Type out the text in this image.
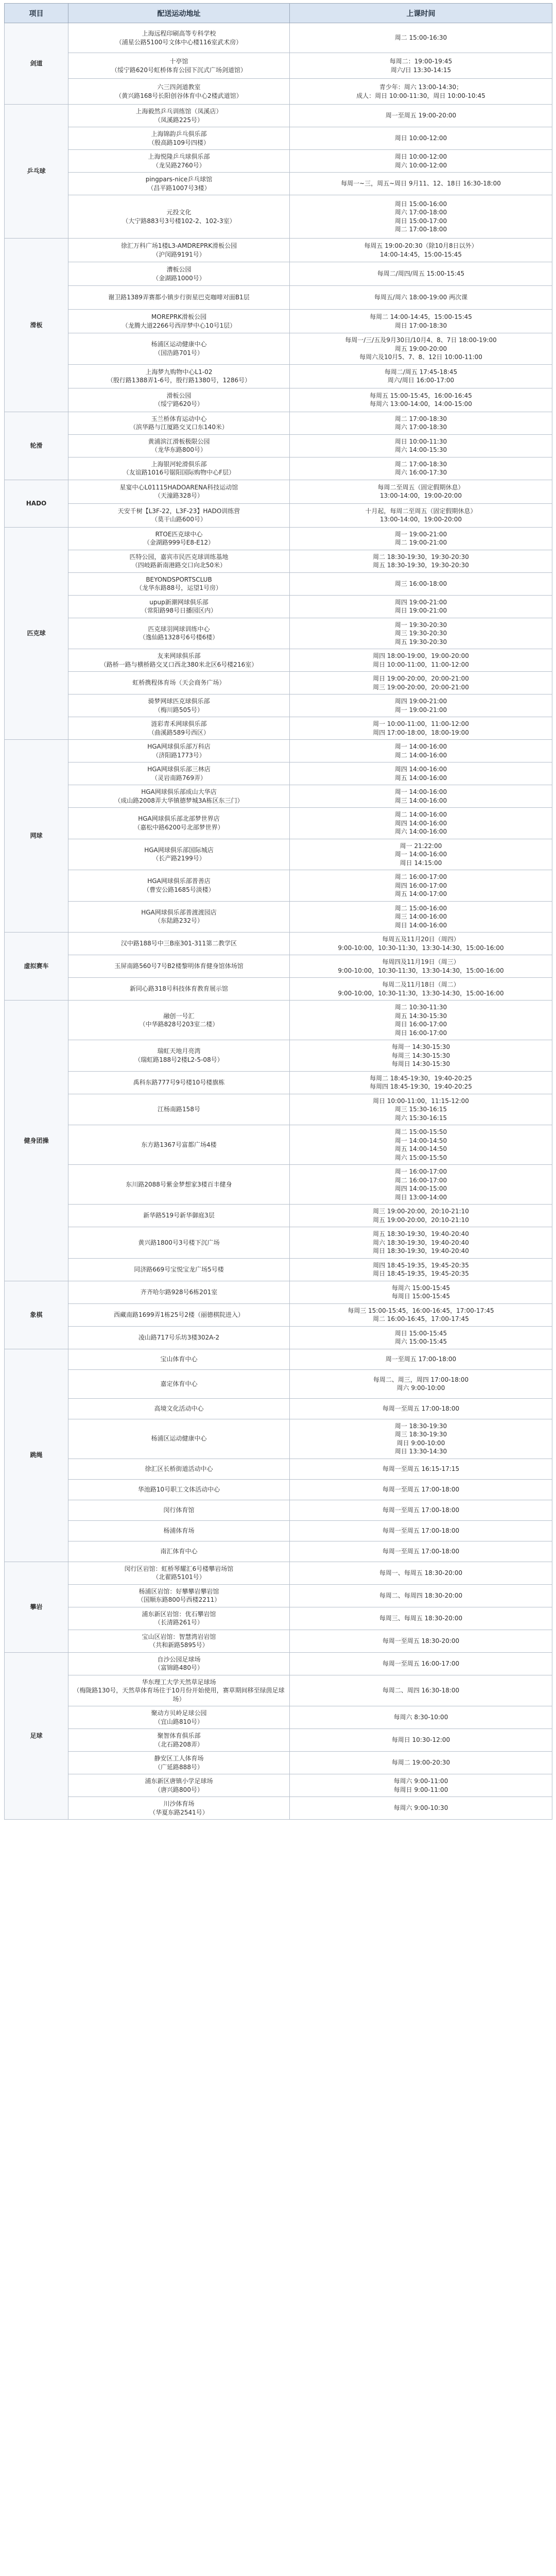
项目	配送运动地址	上课时间
剑道	上海远程印刷高等专科学校
（浦星公路5100号文体中心楼116室武术房）	周二 15:00-16:30
	十亭馆
（绥宁路620号虹桥体育公园下沉式广场剑道馆）	每周二：19:00-19:45
周六/日 13:30-14:15
	六三四剑道教室
（黄兴路168号长阳创谷体育中心2楼武道馆）	青少年：周六 13:00-14:30；
成人：周日 10:00-11:30，周日 10:00-10:45
乒乓球	上海毅然乒乓训练馆（凤溪店）
（凤溪路225号）	周一至周五 19:00-20:00
	上海锦韵乒乓俱乐部
（殷高路109号四楼）	周日 10:00-12:00
	上海悦隆乒乓球俱乐部
（龙吴路2760号）	周日 10:00-12:00
周六 10:00-12:00
	pingpars-nice乒乓球馆
（昌平路1007号3楼）	每周一~三，周五~周日 9月11、12、18日 16:30-18:00
	元投文化
（大宁路883号3号楼102-2、102-3室）	周日 15:00-16:00
周六 17:00-18:00
周日 15:00-17:00
周二 17:00-18:00
滑板	徐汇万科广场1楼L3-AMDREPRK滑板公园
（沪闵路9191号）	每周五 19:00-20:30（除10月8日以外）
14:00-14:45，15:00-15:45
	漕板公园
（金湖路1000号）	每周二/周四/周五 15:00-15:45
	谢卫路1389弄赛都小镇步行街星巴克咖啡对面B1层	每周五/周六 18:00-19:00 两次课
	MOREPRK滑板公园
（龙腾大道2266号西岸梦中心10号1层）	每周二 14:00-14:45，15:00-15:45
周日 17:00-18:30
	杨浦区运动健康中心
（国浩路701号）	每周一/三/五及9月30日/10月4、8、7日 18:00-19:00
周五 19:00-20:00
每周六及10月5、7、8、12日 10:00-11:00
	上海梦九购物中心L1-02
（殷行路1388弄1-6号，殷行路1380号，1286号）	每周二/周五 17:45-18:45
周六/周日 16:00-17:00
	滑板公园
（绥宁路620号）	每周五 15:00-15:45，16:00-16:45
每周六 13:00-14:00，14:00-15:00
轮滑	玉兰桥体育运动中心
（滨华路与江厦路交叉口东140米）	周二 17:00-18:30
周六 17:00-18:30
	黄浦滨江滑板极限公园
（龙华东路800号）	周日 10:00-11:30
周六 14:00-15:30
	上海银河轮滑俱乐部
（友谊路1016号锯阳国际购物中心F层）	周二 17:00-18:30
周六 16:00-17:30
HADO	星宴中心L01115HADOARENA科技运动馆
（天潼路328号）	每周二至周五（固定假期休息）
13:00-14:00，19:00-20:00
	天安千树【L3F-22，L3F-23】HADO训练营
（莫干山路600号）	十月起，每周二至周五（固定假期休息）
13:00-14:00，19:00-20:00
匹克球	RTOE匹克球中心
（金湖路999号E8-E12）	周一 19:00-21:00
周二 19:00-21:00
	匹特公园，嘉宾市民匹克球训练基地
（四岐路新南港路交口向北50米）	周二 18:30-19:30，19:30-20:30
周五 18:30-19:30，19:30-20:30
	BEYONDSPORTSCLUB
（龙华东路88号，运望1号房）	周三 16:00-18:00
	upup新潮网球俱乐部
（常阳路98号日播园区内）	周四 19:00-21:00
周日 19:00-21:00
	匹克球羽网球训练中心
（逸仙路1328号6号楼6楼）	周一 19:30-20:30
周三 19:30-20:30
周五 19:30-20:30
	友来网球俱乐部
（路桥一路与横桥路交叉口西北380米北区6号楼216室）	周四 18:00-19:00，19:00-20:00
周日 10:00-11:00，11:00-12:00
	虹桥携程体育场（天会商务广场）	周日 19:00-20:00，20:00-21:00
周三 19:00-20:00，20:00-21:00
	骑梦网球匹克球俱乐部
（梅川路505号）	周四 19:00-21:00
周一 19:00-21:00
	涟彩青禾网球俱乐部
（曲溪路589号西区）	周一 10:00-11:00，11:00-12:00
周四 17:00-18:00，18:00-19:00
网球	HGA网球俱乐部万科店
（济阳路1773号）	周一 14:00-16:00
周二 14:00-16:00
	HGA网球俱乐部三林店
（灵岩南路769弄）	周四 14:00-16:00
周五 14:00-16:00
	HGA网球俱乐部成山大华店
（成山路2008弄大华镇德梦城3A栋区东三门）	周一 14:00-16:00
周三 14:00-16:00
	HGA网球俱乐部北部梦世界店
（嘉松中路6200号北部梦世界）	周二 14:00-16:00
周四 14:00-16:00
周六 14:00-16:00
	HGA网球俱乐部国际城店
（长产路2199号）	周一 21:22:00
周一 14:00-16:00
周日 14:15:00
	HGA网球俱乐部普善店
（曹安公路1685号淡楼）	周二 16:00-17:00
周四 16:00-17:00
周五 14:00-17:00
	HGA网球俱乐部普渡渡园店
（东陆路232号）	周二 15:00-16:00
周三 14:00-16:00
周日 14:00-16:00
虚拟赛车	汉中路188号中三B座301-311第二教学区	每周五及11月20日（周四）
9:00-10:00，10:30-11:30，13:30-14:30，15:00-16:00
	玉屏南路560号7号B2楼黎明体育健身馆体场馆	每周四及11月19日（周三）
9:00-10:00，10:30-11:30，13:30-14:30，15:00-16:00
	新同心路318号科技体育教育展示馆	每周二及11月18日（周二）
9:00-10:00，10:30-11:30，13:30-14:30，15:00-16:00
健身团操	融创一号汇
（中华路828号203室二楼）	周二 10:30-11:30
周五 14:30-15:30
周日 16:00-17:00
周日 16:00-17:00
	瑞虹天地月亮湾
（瑞虹路188号2楼L2-5-08号）	每周一 14:30-15:30
每周三 14:30-15:30
每周日 14:30-15:30
	禹科东路777号9号楼10号楼旗栋	每周二 18:45-19:30，19:40-20:25
每周四 18:45-19:30，19:40-20:25
	江杨南路158号	周日 10:00-11:00，11:15-12:00
周三 15:30-16:15
周六 15:30-16:15
	东方路1367号富都广场4楼	周二 15:00-15:50
周一 14:00-14:50
周五 14:00-14:50
周六 15:00-15:50
	东川路2088号紫金梦想家3楼百丰健身	周一 16:00-17:00
周二 16:00-17:00
周四 14:00-15:00
周日 13:00-14:00
	新华路519号新华御庭3层	周三 19:00-20:00，20:10-21:10
周五 19:00-20:00，20:10-21:10
	黄兴路1800号3号楼下沉广场	周五 18:30-19:30，19:40-20:40
周六 18:30-19:30，19:40-20:40
周日 18:30-19:30，19:40-20:40
	同济路669号宝悦宝龙广场5号楼	周四 18:45-19:35，19:45-20:35
周日 18:45-19:35，19:45-20:35
象棋	齐齐哈尔路928号6栋201室	每周六 15:00-15:45
每周日 15:00-15:45
	西藏南路1699弄1栋25号2楼（丽德棋院进入）	每周三 15:00-15:45，16:00-16:45，17:00-17:45
周二 16:00-16:45，17:00-17:45
	凌山路717号乐坊3楼302A-2	周日 15:00-15:45
周六 15:00-15:45
跳绳	宝山体育中心	周一至周五 17:00-18:00
	嘉定体育中心	每周二、周三，周四 17:00-18:00
周六 9:00-10:00
	高境文化活动中心	每周一至周五 17:00-18:00
	杨浦区运动健康中心	周一 18:30-19:30
周三 18:30-19:30
周日 9:00-10:00
周日 13:30-14:30
	徐汇区长桥街道活动中心	每周一至周五 16:15-17:15
	华池路10号职工文体活动中心	每周一至周五 17:00-18:00
	闵行体育馆	每周一至周五 17:00-18:00
	杨浦体育场	每周一至周五 17:00-18:00
	南汇体育中心	每周一至周五 17:00-18:00
攀岩	闵行区岩馆：虹桥琴耀汇6号楼攀岩场馆
（北翟路5101号）	每周一、每周五 18:30-20:00
	杨浦区岩馆：好攀攀岩攀岩馆
（国顺东路800号西楼2211）	每周二、每周四 18:30-20:00
	浦东新区岩馆：优石攀岩馆
（长清路261号）	每周三、每周五 18:30-20:00
	宝山区岩馆：智慧湾岩岩馆
（共和新路5895号）	每周一至周五 18:30-20:00
足球	自沙公园足球场
（富锦路480号）	每周一至周五 16:00-17:00
	华东理工大学天然草足球场
（梅陇路130号，天然草体育场往于10月份开始使用，赛草期间移至绿茵足球场）	每周二、周四 16:30-18:00
	聚动方贝岭足球公园
（宜山路810号）	每周六 8:30-10:00
	聚智体育俱乐部
（北石路208弄）	每周日 10:30-12:00
	静安区工人体育场
（广延路888号）	每周二 19:00-20:30
	浦东新区唐镇小学足球场
（唐兴路800号）	每周六 9:00-11:00
每周日 9:00-11:00
	川沙体育场
（华夏东路2541号）	每周六 9:00-10:30
